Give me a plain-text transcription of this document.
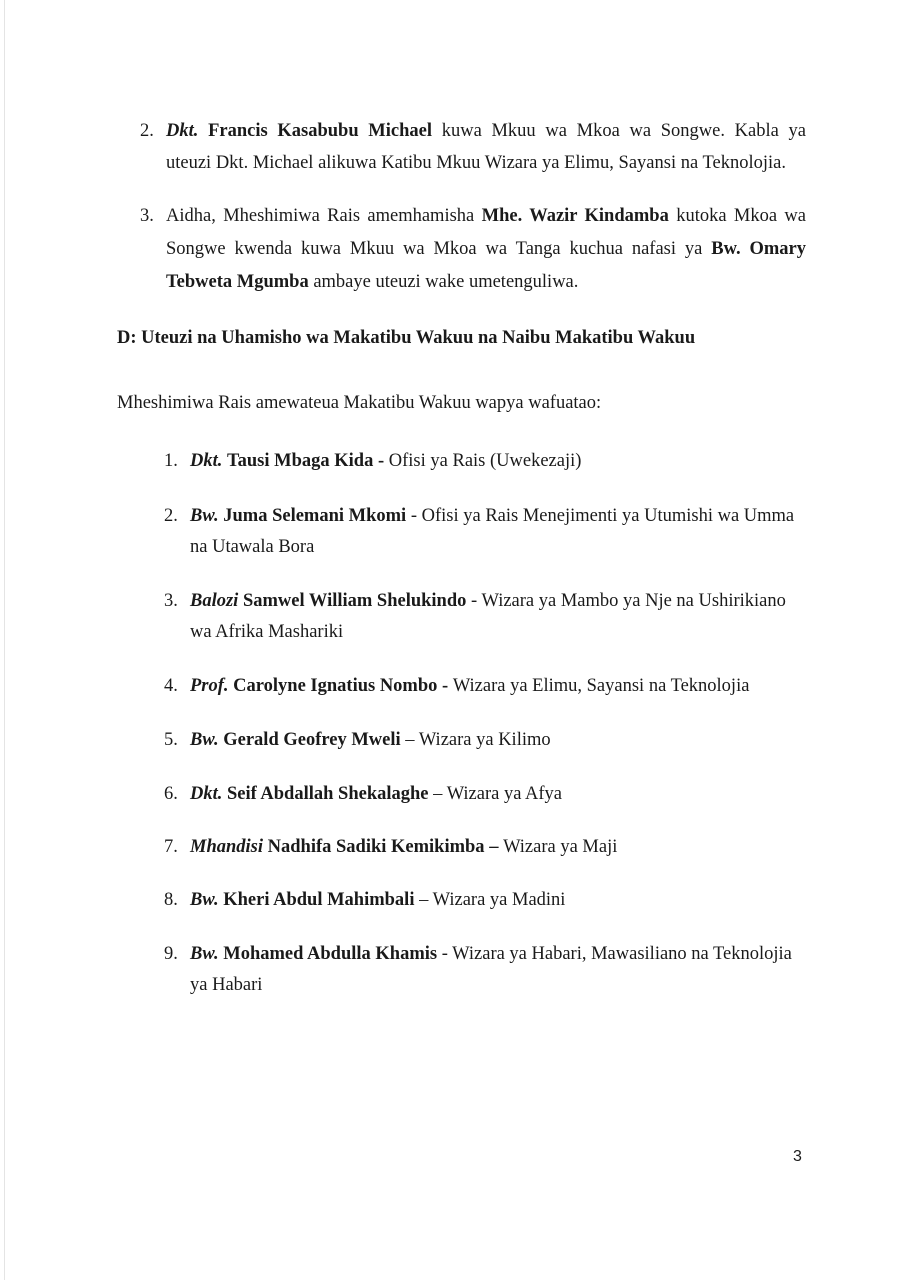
2. Dkt. Francis Kasabubu Michael kuwa Mkuu wa Mkoa wa Songwe. Kabla ya
uteuzi Dkt. Michael alikuwa Katibu Mkuu Wizara ya Elimu, Sayansi na Teknolojia.
3. Aidha, Mheshimiwa Rais amemhamisha Mhe. Wazir Kindamba kutoka Mkoa wa
Songwe kwenda kuwa Mkuu wa Mkoa wa Tanga kuchua nafasi ya Bw. Omary
Tebweta Mgumba ambaye uteuzi wake umetenguliwa.
D: Uteuzi na Uhamisho wa Makatibu Wakuu na Naibu Makatibu Wakuu
Mheshimiwa Rais amewateua Makatibu Wakuu wapya wafuatao:
1. Dkt. Tausi Mbaga Kida - Ofisi ya Rais (Uwekezaji)
2. Bw. Juma Selemani Mkomi - Ofisi ya Rais Menejimenti ya Utumishi wa Umma
na Utawala Bora
3. Balozi Samwel William Shelukindo - Wizara ya Mambo ya Nje na Ushirikiano
wa Afrika Mashariki
4. Prof. Carolyne Ignatius Nombo - Wizara ya Elimu, Sayansi na Teknolojia
5. Bw. Gerald Geofrey Mweli – Wizara ya Kilimo
6. Dkt. Seif Abdallah Shekalaghe – Wizara ya Afya
7. Mhandisi Nadhifa Sadiki Kemikimba – Wizara ya Maji
8. Bw. Kheri Abdul Mahimbali – Wizara ya Madini
9. Bw. Mohamed Abdulla Khamis - Wizara ya Habari, Mawasiliano na Teknolojia
ya Habari
3
